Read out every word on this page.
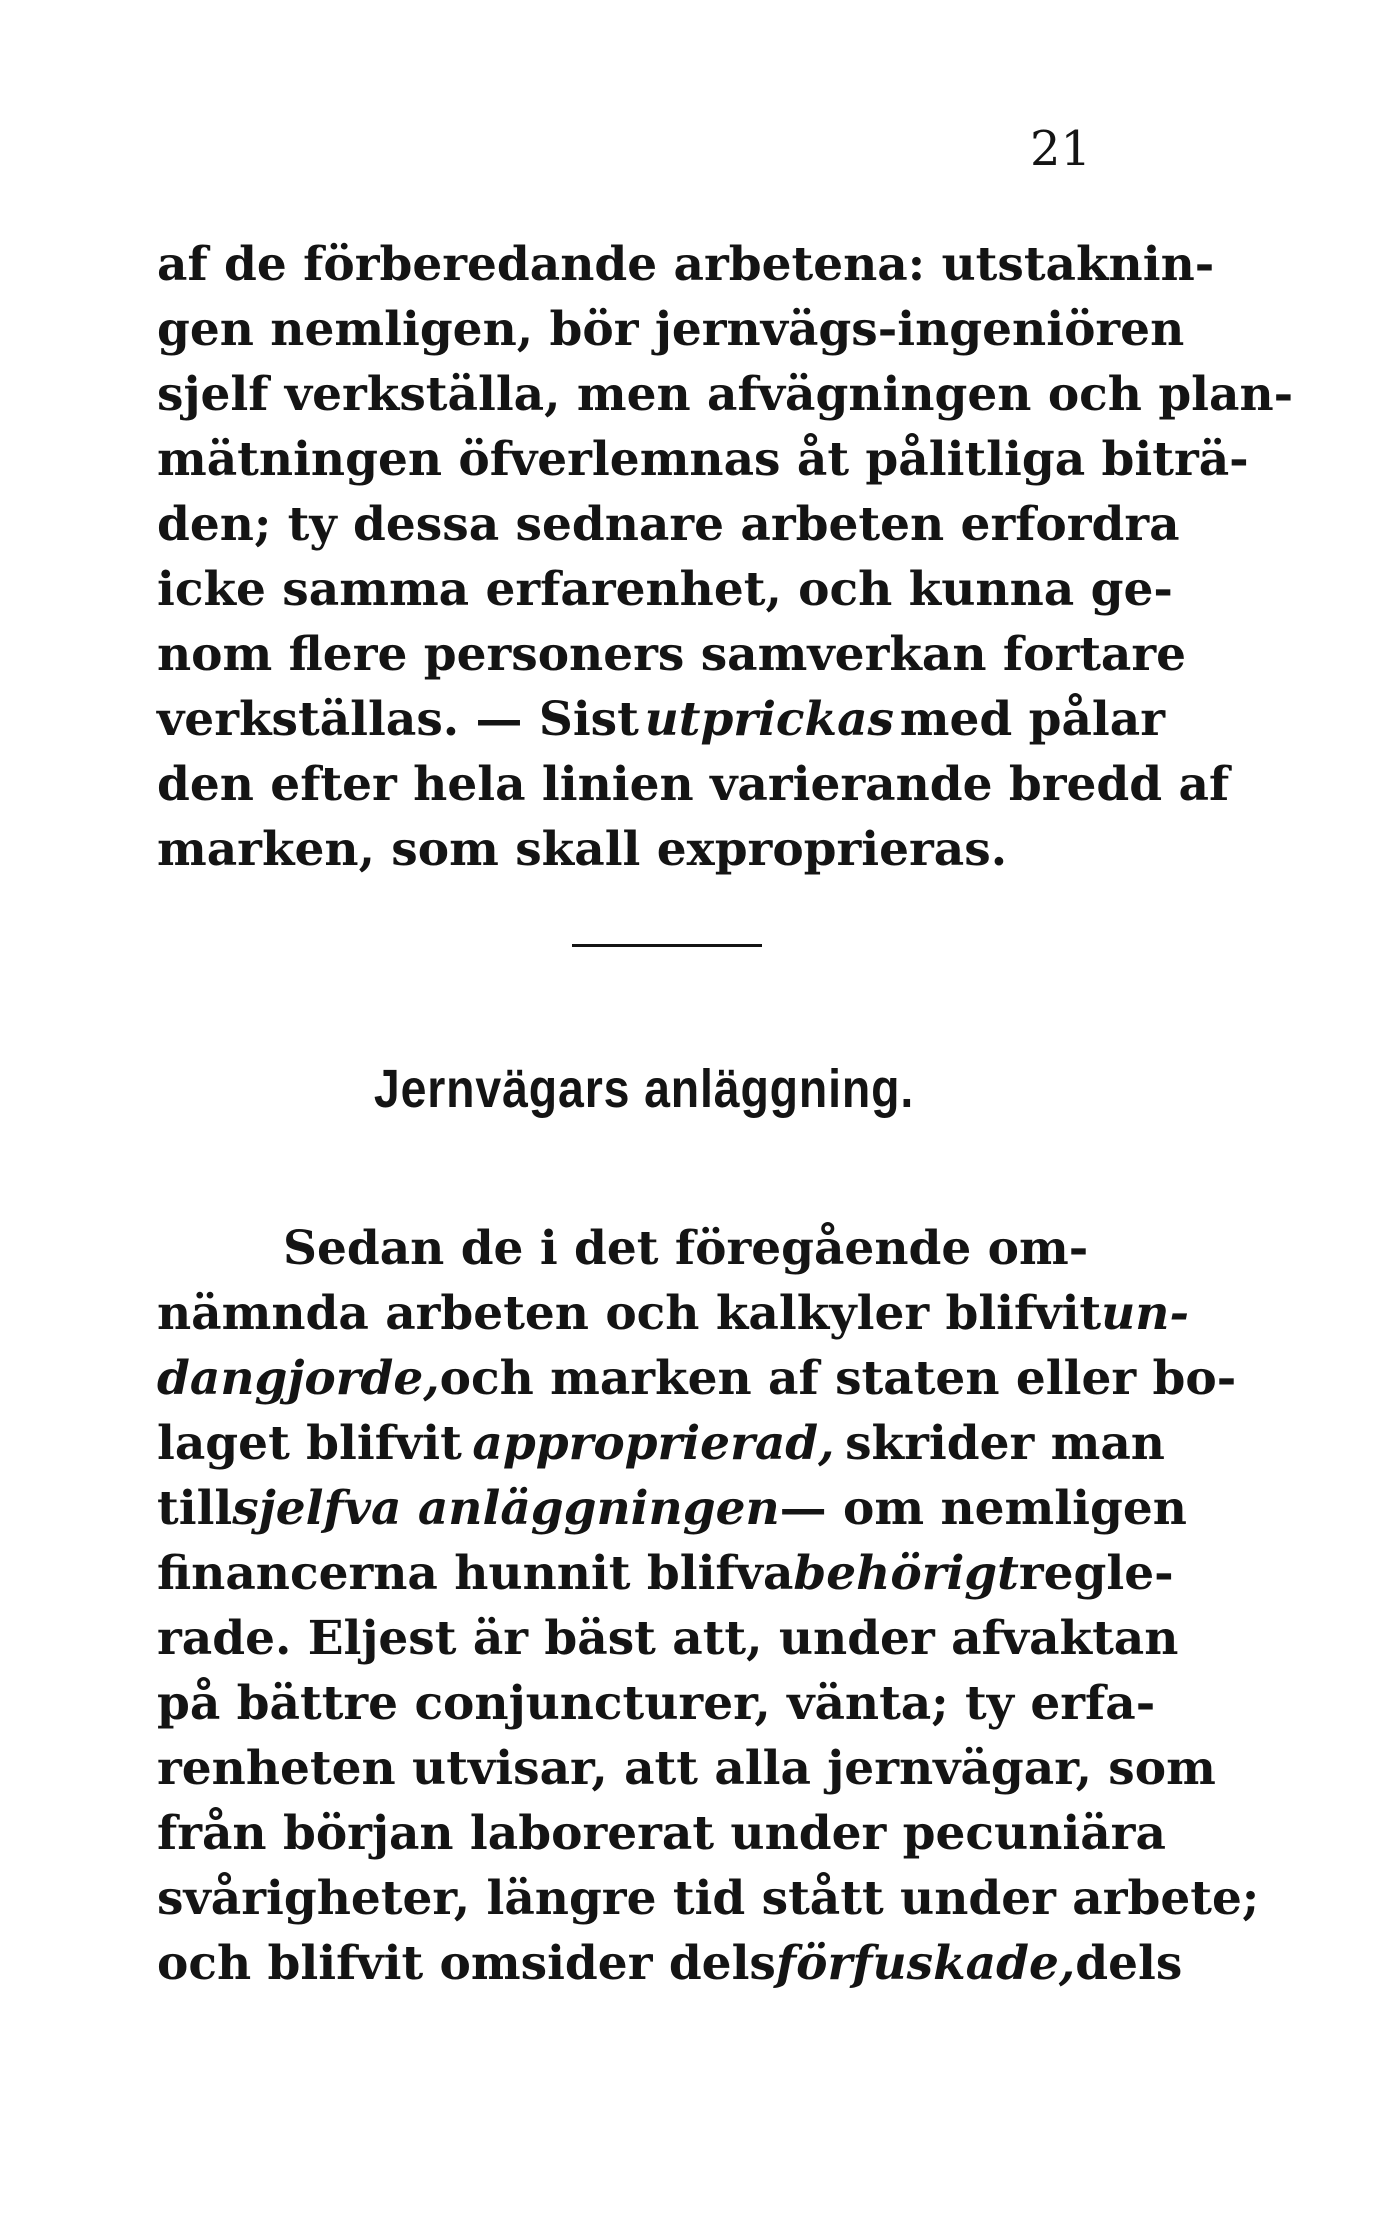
21
af de förberedande arbetena: utstaknin-
gen nemligen, bör jernvägs-ingeniören
sjelf verkställa, men afvägningen och plan-
mätningen öfverlemnas åt pålitliga biträ-
den; ty dessa sednare arbeten erfordra
icke samma erfarenhet, och kunna ge-
nom flere personers samverkan fortare
verkställas. — Sist utprickas med pålar
den efter hela linien varierande bredd af
marken, som skall exproprieras.
Jernvägars anläggning.
Sedan de i det föregående om-
nämnda arbeten och kalkyler blifvit un-
dangjorde, och marken af staten eller bo-
laget blifvit approprierad, skrider man
till sjelfva anläggningen — om nemligen
financerna hunnit blifva behörigt regle-
rade. Eljest är bäst att, under afvaktan
på bättre conjuncturer, vänta; ty erfa-
renheten utvisar, att alla jernvägar, som
från början laborerat under pecuniära
svårigheter, längre tid stått under arbete;
och blifvit omsider dels förfuskade, dels
